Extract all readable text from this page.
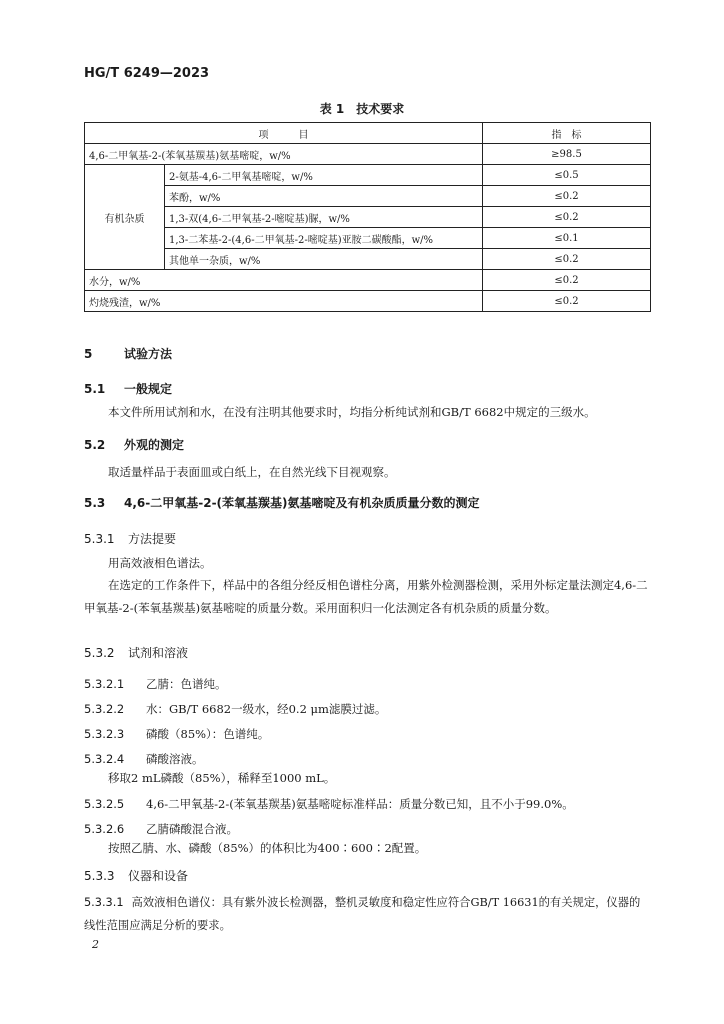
HG/T 6249—2023
表 1　技术要求
项　　　目		指　标
4,6-二甲氧基-2-(苯氧基羰基)氨基嘧啶，w/%		≥98.5
有机杂质	2-氨基-4,6-二甲氧基嘧啶，w/%	≤0.5
	苯酚，w/%	≤0.2
	1,3-双(4,6-二甲氧基-2-嘧啶基)脲，w/%	≤0.2
	1,3-二苯基-2-(4,6-二甲氧基-2-嘧啶基)亚胺二碳酸酯，w/%	≤0.1
	其他单一杂质，w/%	≤0.2
水分，w/%		≤0.2
灼烧残渣，w/%		≤0.2
5	试验方法
5.1 一般规定
本文件所用试剂和水，在没有注明其他要求时，均指分析纯试剂和GB/T 6682中规定的三级水。
5.2 外观的测定
取适量样品于表面皿或白纸上，在自然光线下目视观察。
5.3 4,6-二甲氧基-2-(苯氧基羰基)氨基嘧啶及有机杂质质量分数的测定
5.3.1 方法提要
用高效液相色谱法。
在选定的工作条件下，样品中的各组分经反相色谱柱分离，用紫外检测器检测，采用外标定量法测定4,6-二甲氧基-2-(苯氧基羰基)氨基嘧啶的质量分数。采用面积归一化法测定各有机杂质的质量分数。
5.3.2 试剂和溶液
5.3.2.1 乙腈：色谱纯。
5.3.2.2 水：GB/T 6682一级水，经0.2 μm滤膜过滤。
5.3.2.3 磷酸（85%）：色谱纯。
5.3.2.4 磷酸溶液。
移取2 mL磷酸（85%），稀释至1000 mL。
5.3.2.5 4,6-二甲氧基-2-(苯氧基羰基)氨基嘧啶标准样品：质量分数已知，且不小于99.0%。
5.3.2.6 乙腈磷酸混合液。
按照乙腈、水、磷酸（85%）的体积比为400∶600∶2配置。
5.3.3 仪器和设备
5.3.3.1 高效液相色谱仪：具有紫外波长检测器，整机灵敏度和稳定性应符合GB/T 16631的有关规定，仪器的线性范围应满足分析的要求。
2
